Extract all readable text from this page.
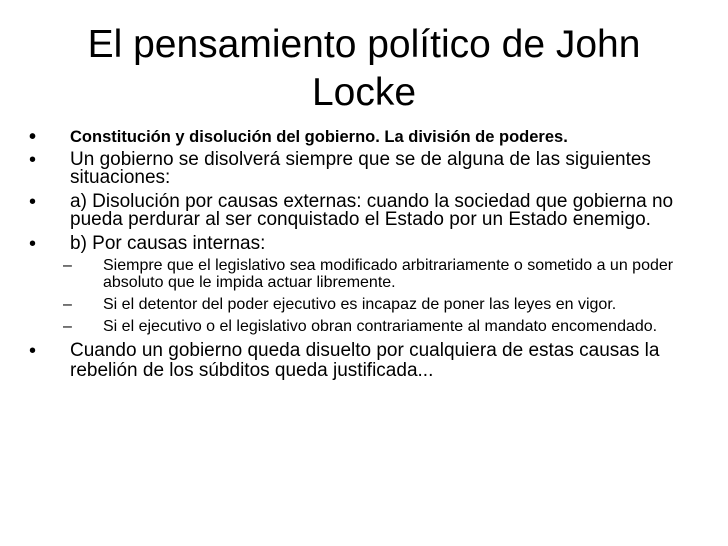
El pensamiento político de John Locke
•	Constitución y disolución del gobierno. La división de poderes.
•	Un gobierno se disolverá siempre que se de alguna de las siguientes situaciones:
•	a) Disolución por causas externas: cuando la sociedad que gobierna no pueda perdurar al ser conquistado el Estado por un Estado enemigo.
•	b) Por causas internas:
–	Siempre que el legislativo sea modificado arbitrariamente o sometido a un poder absoluto que le impida actuar libremente.
–	Si el detentor del poder ejecutivo es incapaz de poner las leyes en vigor.
–	Si el ejecutivo o el legislativo obran contrariamente al mandato encomendado.
•	Cuando un gobierno queda disuelto por cualquiera de estas causas la rebelión de los súbditos queda justificada...
